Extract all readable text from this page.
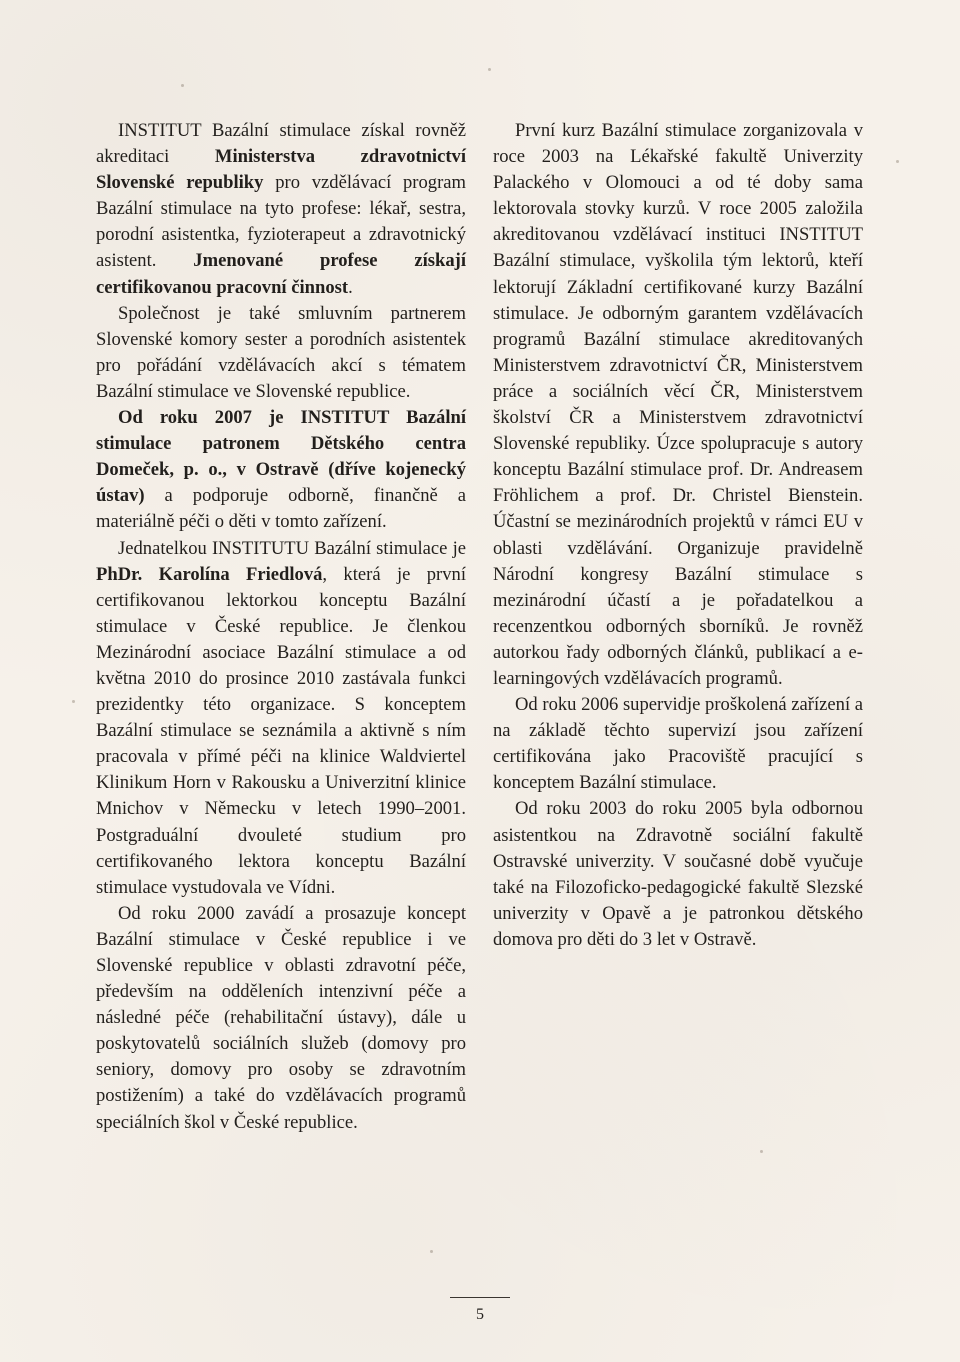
INSTITUT Bazální stimulace získal rovněž akreditaci Ministerstva zdravotnictví Slovenské republiky pro vzdělávací program Bazální stimulace na tyto profese: lékař, sestra, porodní asistentka, fyzioterapeut a zdravotnický asistent. Jmenované profese získají certifikovanou pracovní činnost.

Společnost je také smluvním partnerem Slovenské komory sester a porodních asistentek pro pořádání vzdělávacích akcí s tématem Bazální stimulace ve Slovenské republice.

Od roku 2007 je INSTITUT Bazální stimulace patronem Dětského centra Domeček, p. o., v Ostravě (dříve kojenecký ústav) a podporuje odborně, finančně a materiálně péči o děti v tomto zařízení.

Jednatelkou INSTITUTU Bazální stimulace je PhDr. Karolína Friedlová, která je první certifikovanou lektorkou konceptu Bazální stimulace v České republice. Je členkou Mezinárodní asociace Bazální stimulace a od května 2010 do prosince 2010 zastávala funkci prezidentky této organizace. S konceptem Bazální stimulace se seznámila a aktivně s ním pracovala v přímé péči na klinice Waldviertel Klinikum Horn v Rakousku a Univerzitní klinice Mnichov v Německu v letech 1990–2001. Postgraduální dvouleté studium pro certifikovaného lektora konceptu Bazální stimulace vystudovala ve Vídni.

Od roku 2000 zavádí a prosazuje koncept Bazální stimulace v České republice i ve Slovenské republice v oblasti zdravotní péče, především na odděleních intenzivní péče a následné péče (rehabilitační ústavy), dále u poskytovatelů sociálních služeb (domovy pro seniory, domovy pro osoby se zdravotním postižením) a také do vzdělávacích programů speciálních škol v České republice.

První kurz Bazální stimulace zorganizovala v roce 2003 na Lékařské fakultě Univerzity Palackého v Olomouci a od té doby sama lektorovala stovky kurzů. V roce 2005 založila akreditovanou vzdělávací instituci INSTITUT Bazální stimulace, vyškolila tým lektorů, kteří lektorují Základní certifikované kurzy Bazální stimulace. Je odborným garantem vzdělávacích programů Bazální stimulace akreditovaných Ministerstvem zdravotnictví ČR, Ministerstvem práce a sociálních věcí ČR, Ministerstvem školství ČR a Ministerstvem zdravotnictví Slovenské republiky. Úzce spolupracuje s autory konceptu Bazální stimulace prof. Dr. Andreasem Fröhlichem a prof. Dr. Christel Bienstein. Účastní se mezinárodních projektů v rámci EU v oblasti vzdělávání. Organizuje pravidelně Národní kongresy Bazální stimulace s mezinárodní účastí a je pořadatelkou a recenzentkou odborných sborníků. Je rovněž autorkou řady odborných článků, publikací a e-learningových vzdělávacích programů.

Od roku 2006 supervidje proškolená zařízení a na základě těchto supervizí jsou zařízení certifikována jako Pracoviště pracující s konceptem Bazální stimulace.

Od roku 2003 do roku 2005 byla odbornou asistentkou na Zdravotně sociální fakultě Ostravské univerzity. V současné době vyučuje také na Filozoficko-pedagogické fakultě Slezské univerzity v Opavě a je patronkou dětského domova pro děti do 3 let v Ostravě.

5
